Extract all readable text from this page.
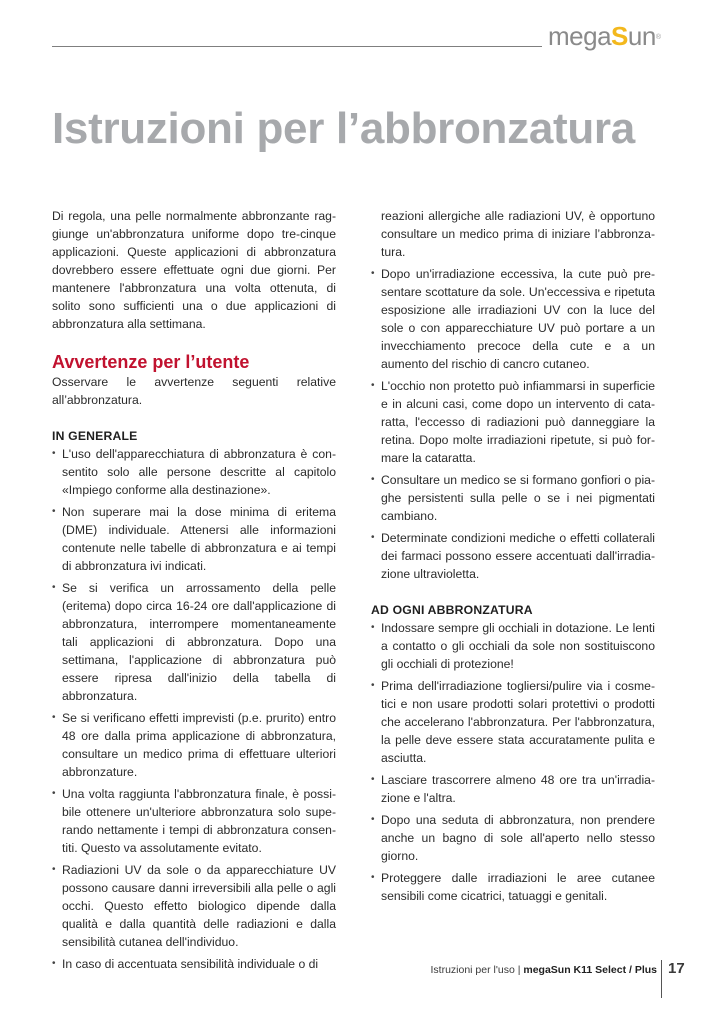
megaSun®
Istruzioni per l’abbronzatura

Di regola, una pelle normalmente abbronzante raggiunge un'abbronzatura uniforme dopo tre-cinque applicazioni. Queste applicazioni di abbronzatura dovrebbero essere effettuate ogni due giorni. Per mantenere l'abbronzatura una volta ottenuta, di solito sono sufficienti una o due applicazioni di abbronzatura alla settimana.

Avvertenze per l’utente

Osservare le avvertenze seguenti relative all’abbronzatura.

IN GENERALE
• L'uso dell'apparecchiatura di abbronzatura è consentito solo alle persone descritte al capitolo «Impiego conforme alla destinazione».
• Non superare mai la dose minima di eritema (DME) individuale. Attenersi alle informazioni contenute nelle tabelle di abbronzatura e ai tempi di abbronzatura ivi indicati.
• Se si verifica un arrossamento della pelle (eritema) dopo circa 16-24 ore dall'applicazione di abbronzatura, interrompere momentaneamente tali applicazioni di abbronzatura. Dopo una settimana, l'applicazione di abbronzatura può essere ripresa dall'inizio della tabella di abbronzatura.
• Se si verificano effetti imprevisti (p.e. prurito) entro 48 ore dalla prima applicazione di abbronzatura, consultare un medico prima di effettuare ulteriori abbronzature.
• Una volta raggiunta l'abbronzatura finale, è possibile ottenere un'ulteriore abbronzatura solo superando nettamente i tempi di abbronzatura consentiti. Questo va assolutamente evitato.
• Radiazioni UV da sole o da apparecchiature UV possono causare danni irreversibili alla pelle o agli occhi. Questo effetto biologico dipende dalla qualità e dalla quantità delle radiazioni e dalla sensibilità cutanea dell'individuo.
• In caso di accentuata sensibilità individuale o di

reazioni allergiche alle radiazioni UV, è opportuno consultare un medico prima di iniziare l’abbronzatura.

• Dopo un'irradiazione eccessiva, la cute può presentare scottature da sole. Un'eccessiva e ripetuta esposizione alle irradiazioni UV con la luce del sole o con apparecchiature UV può portare a un invecchiamento precoce della cute e a un aumento del rischio di cancro cutaneo.
• L'occhio non protetto può infiammarsi in superficie e in alcuni casi, come dopo un intervento di cataratta, l'eccesso di radiazioni può danneggiare la retina. Dopo molte irradiazioni ripetute, si può formare la cataratta.
• Consultare un medico se si formano gonfiori o piaghe persistenti sulla pelle o se i nei pigmentati cambiano.
• Determinate condizioni mediche o effetti collaterali dei farmaci possono essere accentuati dall'irradiazione ultravioletta.
AD OGNI ABBRONZATURA
• Indossare sempre gli occhiali in dotazione. Le lenti a contatto o gli occhiali da sole non sostituiscono gli occhiali di protezione!
• Prima dell'irradiazione togliersi/pulire via i cosmetici e non usare prodotti solari protettivi o prodotti che accelerano l'abbronzatura. Per l'abbronzatura, la pelle deve essere stata accuratamente pulita e asciutta.
• Lasciare trascorrere almeno 48 ore tra un'irradiazione e l'altra.
• Dopo una seduta di abbronzatura, non prendere anche un bagno di sole all'aperto nello stesso giorno.
• Proteggere dalle irradiazioni le aree cutanee sensibili come cicatrici, tatuaggi e genitali.
Istruzioni per l'uso | megaSun K11 Select / Plus 17
